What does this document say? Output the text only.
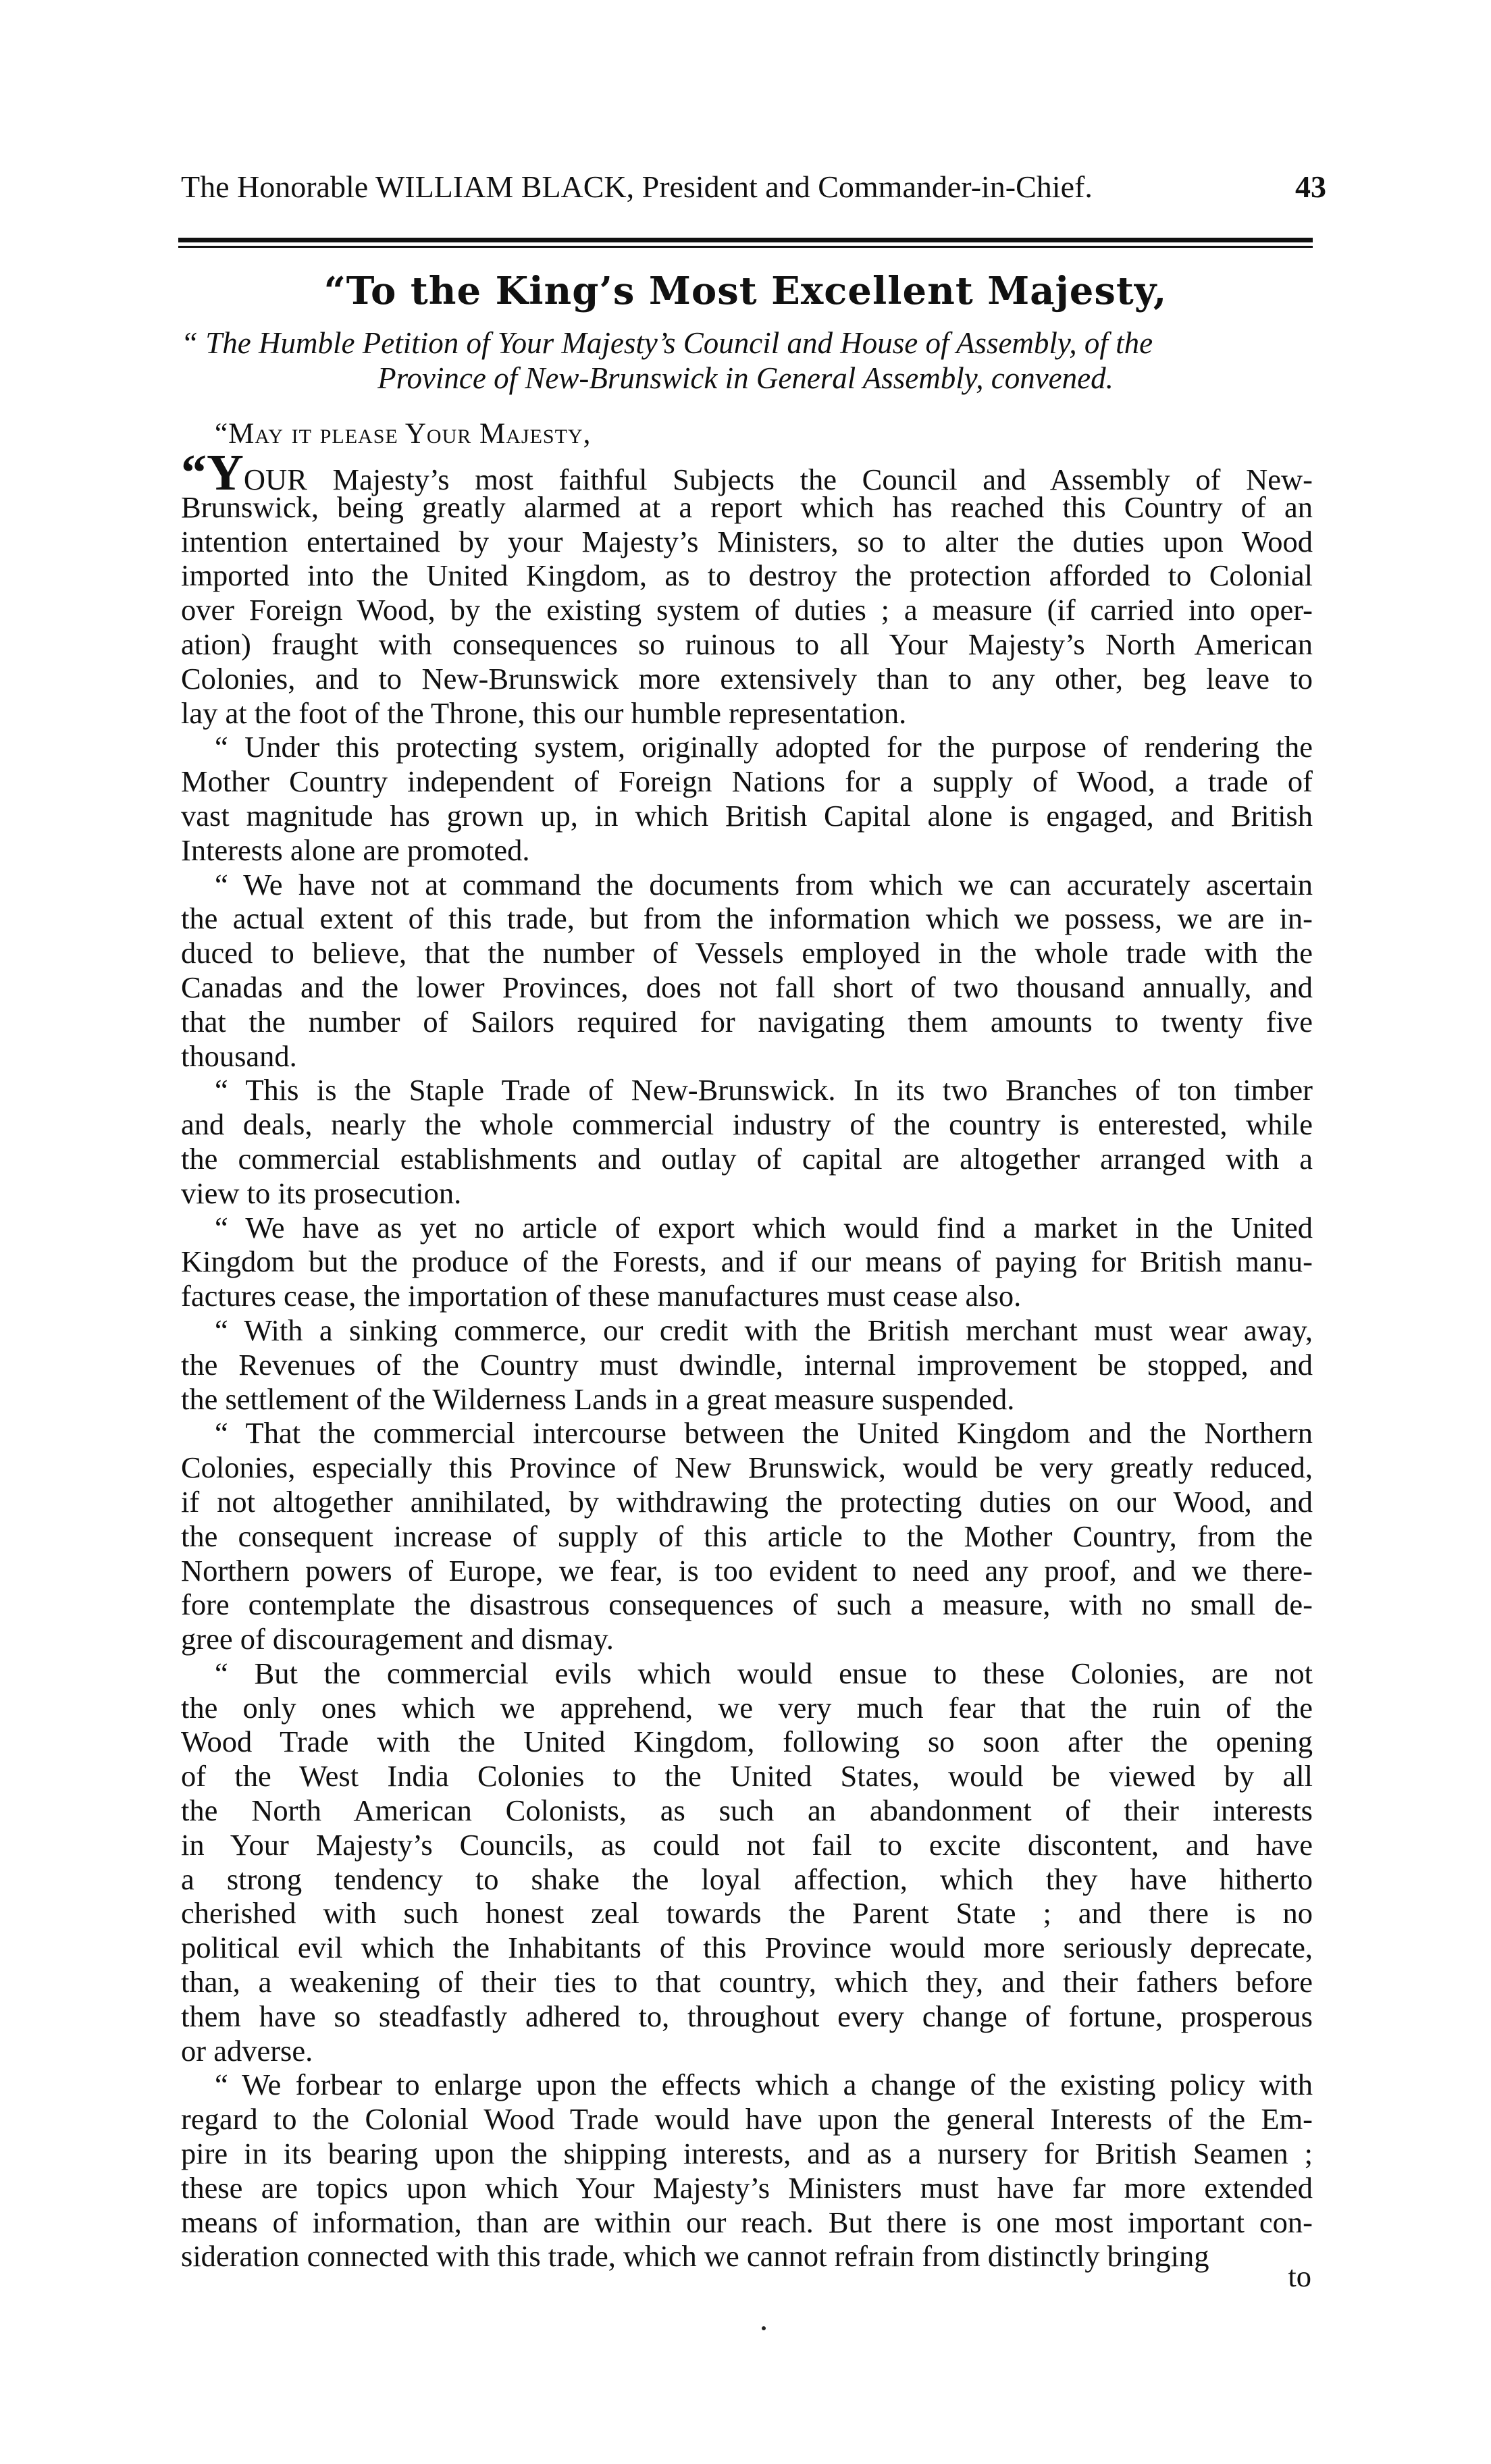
The Honorable WILLIAM BLACK, President and Commander-in-Chief.	43
“To the King’s Most Excellent Majesty,
“ The Humble Petition of Your Majesty’s Council and House of Assembly, of the
Province of New-Brunswick in General Assembly, convened.
“May it please Your Majesty,
“YOUR Majesty’s most faithful Subjects the Council and Assembly of New-
Brunswick, being greatly alarmed at a report which has reached this Country of an
intention entertained by your Majesty’s Ministers, so to alter the duties upon Wood
imported into the United Kingdom, as to destroy the protection afforded to Colonial
over Foreign Wood, by the existing system of duties ; a measure (if carried into oper-
ation) fraught with consequences so ruinous to all Your Majesty’s North American
Colonies, and to New-Brunswick more extensively than to any other, beg leave to
lay at the foot of the Throne, this our humble representation.
“ Under this protecting system, originally adopted for the purpose of rendering the
Mother Country independent of Foreign Nations for a supply of Wood, a trade of
vast magnitude has grown up, in which British Capital alone is engaged, and British
Interests alone are promoted.
“ We have not at command the documents from which we can accurately ascertain
the actual extent of this trade, but from the information which we possess, we are in-
duced to believe, that the number of Vessels employed in the whole trade with the
Canadas and the lower Provinces, does not fall short of two thousand annually, and
that the number of Sailors required for navigating them amounts to twenty five
thousand.
“ This is the Staple Trade of New-Brunswick. In its two Branches of ton timber
and deals, nearly the whole commercial industry of the country is enterested, while
the commercial establishments and outlay of capital are altogether arranged with a
view to its prosecution.
“ We have as yet no article of export which would find a market in the United
Kingdom but the produce of the Forests, and if our means of paying for British manu-
factures cease, the importation of these manufactures must cease also.
“ With a sinking commerce, our credit with the British merchant must wear away,
the Revenues of the Country must dwindle, internal improvement be stopped, and
the settlement of the Wilderness Lands in a great measure suspended.
“ That the commercial intercourse between the United Kingdom and the Northern
Colonies, especially this Province of New Brunswick, would be very greatly reduced,
if not altogether annihilated, by withdrawing the protecting duties on our Wood, and
the consequent increase of supply of this article to the Mother Country, from the
Northern powers of Europe, we fear, is too evident to need any proof, and we there-
fore contemplate the disastrous consequences of such a measure, with no small de-
gree of discouragement and dismay.
“ But the commercial evils which would ensue to these Colonies, are not
the only ones which we apprehend, we very much fear that the ruin of the
Wood Trade with the United Kingdom, following so soon after the opening
of the West India Colonies to the United States, would be viewed by all
the North American Colonists, as such an abandonment of their interests
in Your Majesty’s Councils, as could not fail to excite discontent, and have
a strong tendency to shake the loyal affection, which they have hitherto
cherished with such honest zeal towards the Parent State ; and there is no
political evil which the Inhabitants of this Province would more seriously deprecate,
than, a weakening of their ties to that country, which they, and their fathers before
them have so steadfastly adhered to, throughout every change of fortune, prosperous
or adverse.
“ We forbear to enlarge upon the effects which a change of the existing policy with
regard to the Colonial Wood Trade would have upon the general Interests of the Em-
pire in its bearing upon the shipping interests, and as a nursery for British Seamen ;
these are topics upon which Your Majesty’s Ministers must have far more extended
means of information, than are within our reach. But there is one most important con-
sideration connected with this trade, which we cannot refrain from distinctly bringing
to
